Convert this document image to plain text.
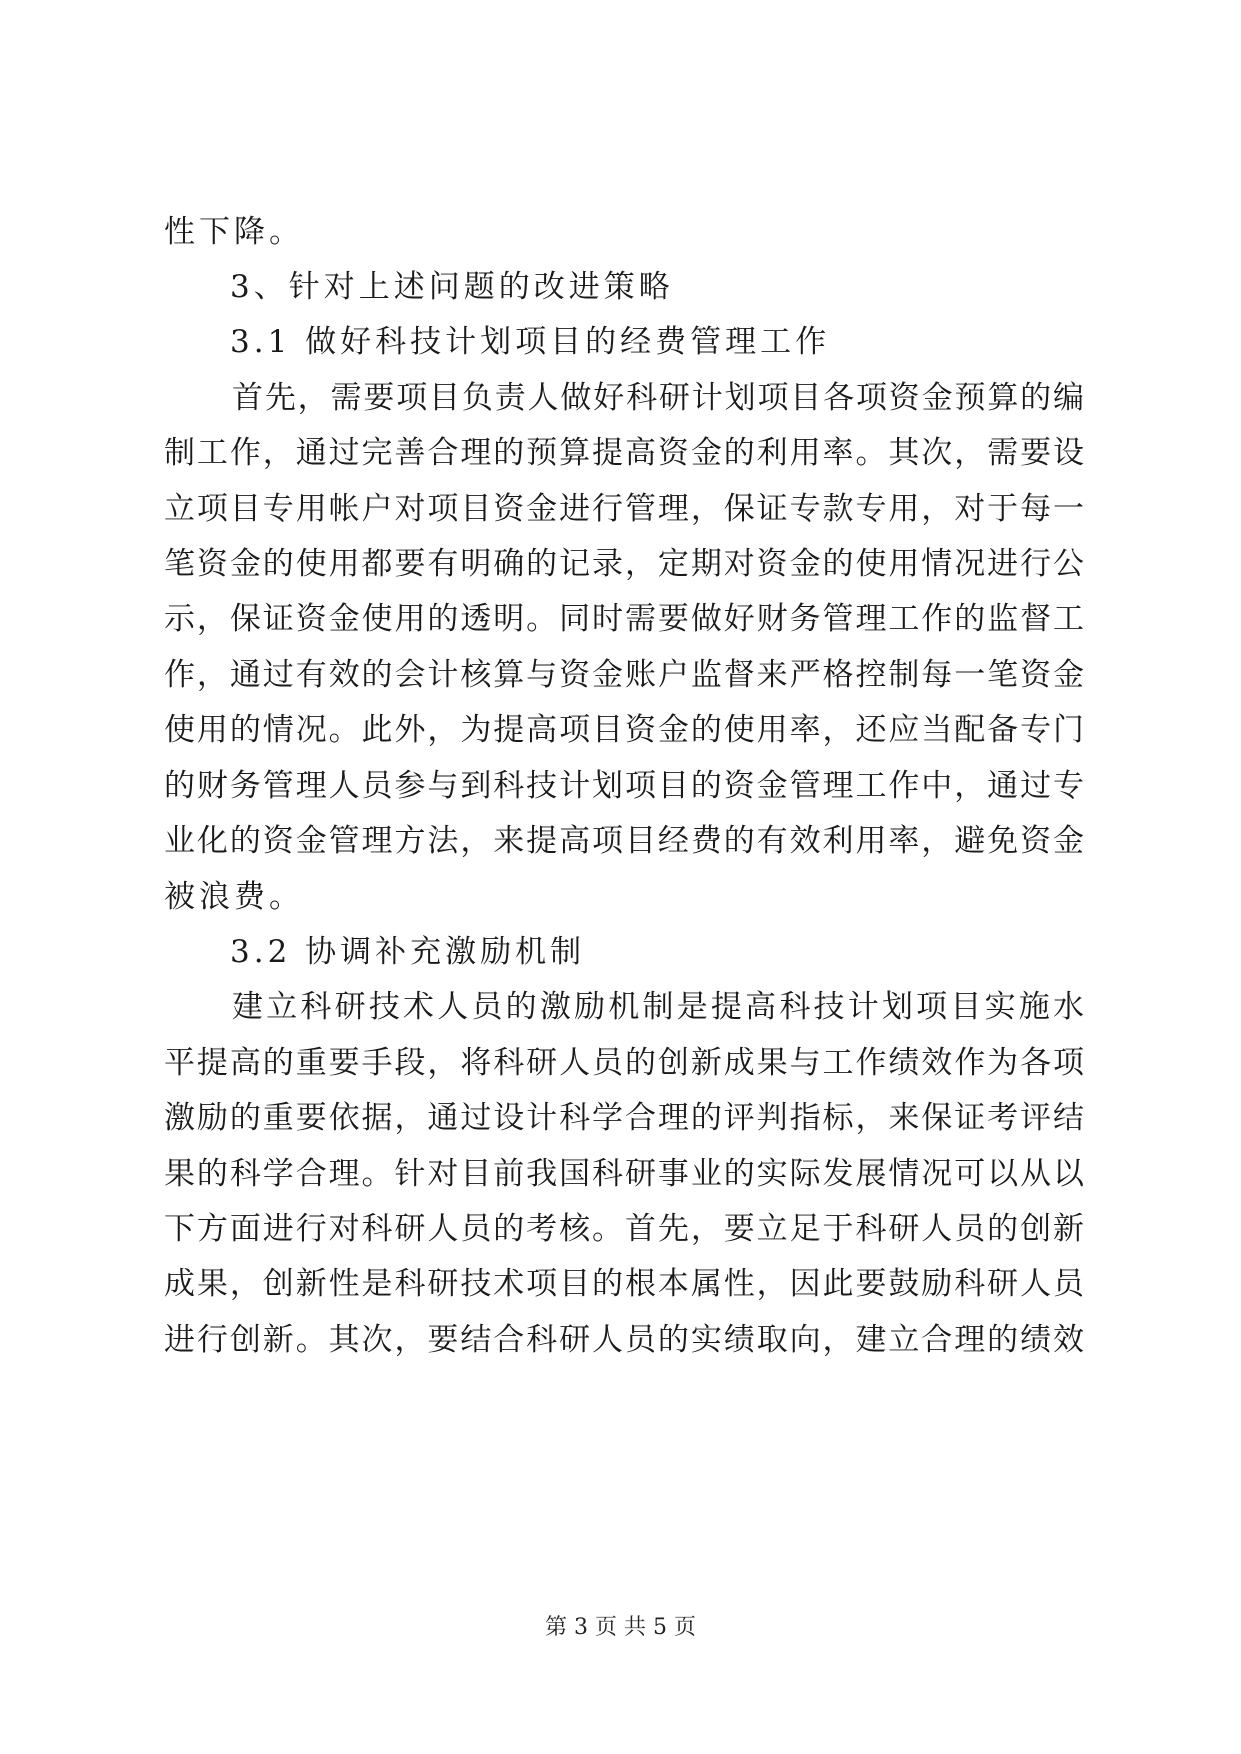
性下降。
3、针对上述问题的改进策略
3.1 做好科技计划项目的经费管理工作
首先，需要项目负责人做好科研计划项目各项资金预算的编
制工作，通过完善合理的预算提高资金的利用率。其次，需要设
立项目专用帐户对项目资金进行管理，保证专款专用，对于每一
笔资金的使用都要有明确的记录，定期对资金的使用情况进行公
示，保证资金使用的透明。同时需要做好财务管理工作的监督工
作，通过有效的会计核算与资金账户监督来严格控制每一笔资金
使用的情况。此外，为提高项目资金的使用率，还应当配备专门
的财务管理人员参与到科技计划项目的资金管理工作中，通过专
业化的资金管理方法，来提高项目经费的有效利用率，避免资金
被浪费。
3.2 协调补充激励机制
建立科研技术人员的激励机制是提高科技计划项目实施水
平提高的重要手段，将科研人员的创新成果与工作绩效作为各项
激励的重要依据，通过设计科学合理的评判指标，来保证考评结
果的科学合理。针对目前我国科研事业的实际发展情况可以从以
下方面进行对科研人员的考核。首先，要立足于科研人员的创新
成果，创新性是科研技术项目的根本属性，因此要鼓励科研人员
进行创新。其次，要结合科研人员的实绩取向，建立合理的绩效
第 3 页 共 5 页
